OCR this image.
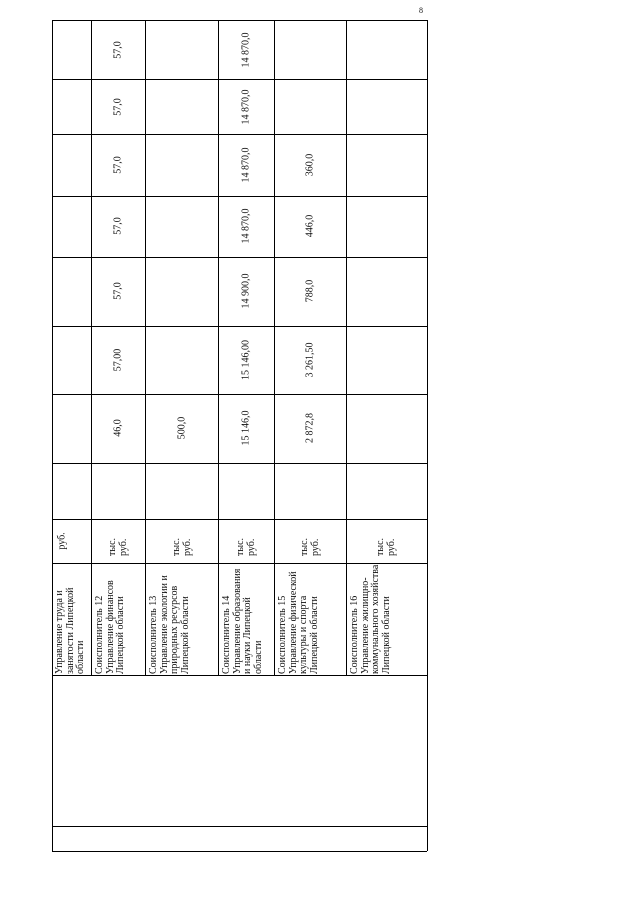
8
Управление труда и занятости Липецкой области
руб.
Соисполнитель 12 Управление финансов Липецкой области
тыс. руб.
46,0
57,00
57,0
57,0
57,0
57,0
57,0
Соисполнитель 13 Управление экологии и природных ресурсов Липецкой области
тыс. руб.
500,0
Соисполнитель 14 Управление образования и науки Липецкой области
тыс. руб.
15 146,0
15 146,00
14 900,0
14 870,0
14 870,0
14 870,0
14 870,0
Соисполнитель 15 Управление физической культуры и спорта Липецкой области
тыс. руб.
2 872,8
3 261,50
788,0
446,0
360,0
Соисполнитель 16 Управление жилищно-коммунального хозяйства Липецкой области
тыс. руб.
